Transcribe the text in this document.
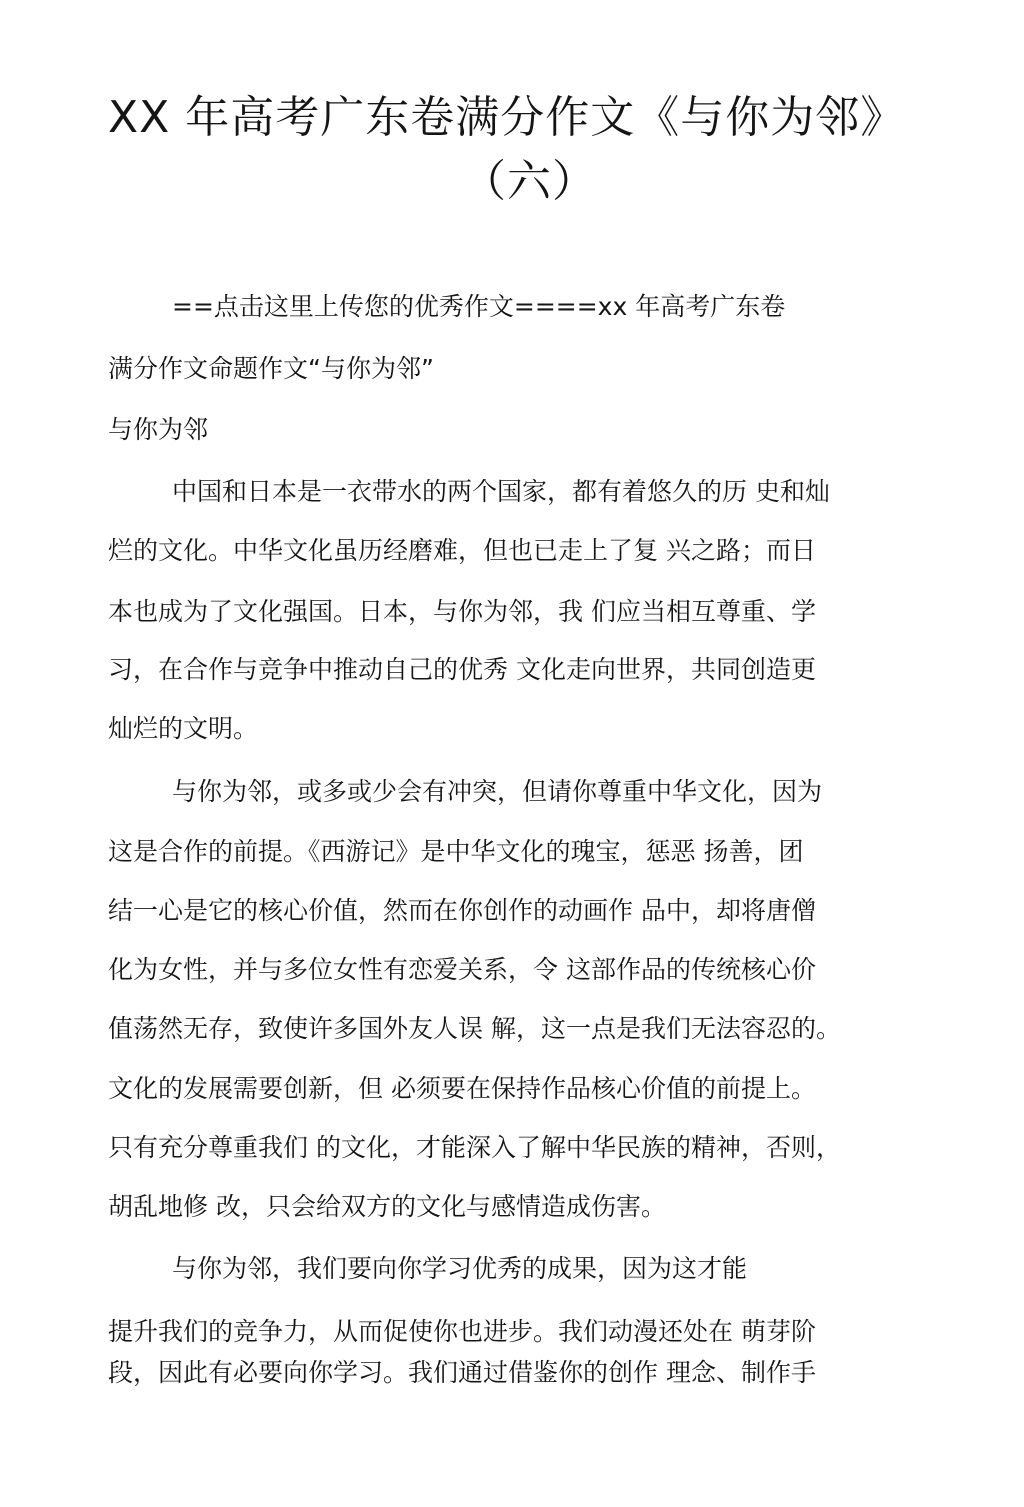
XX 年高考广东卷满分作文《与你为邻》
（六）
==点击这里上传您的优秀作文====xx 年高考广东卷
满分作文命题作文“与你为邻”
与你为邻
中国和日本是一衣带水的两个国家，都有着悠久的历 史和灿
烂的文化。中华文化虽历经磨难，但也已走上了复 兴之路；而日
本也成为了文化强国。日本，与你为邻，我 们应当相互尊重、学
习，在合作与竞争中推动自己的优秀 文化走向世界，共同创造更
灿烂的文明。
与你为邻，或多或少会有冲突，但请你尊重中华文化，因为
这是合作的前提。《西游记》是中华文化的瑰宝，惩恶 扬善，团
结一心是它的核心价值，然而在你创作的动画作 品中，却将唐僧
化为女性，并与多位女性有恋爱关系，令 这部作品的传统核心价
值荡然无存，致使许多国外友人误 解，这一点是我们无法容忍的。
文化的发展需要创新，但 必须要在保持作品核心价值的前提上。
只有充分尊重我们 的文化，才能深入了解中华民族的精神，否则，
胡乱地修 改，只会给双方的文化与感情造成伤害。
与你为邻，我们要向你学习优秀的成果，因为这才能
提升我们的竞争力，从而促使你也进步。我们动漫还处在 萌芽阶
段，因此有必要向你学习。我们通过借鉴你的创作 理念、制作手
